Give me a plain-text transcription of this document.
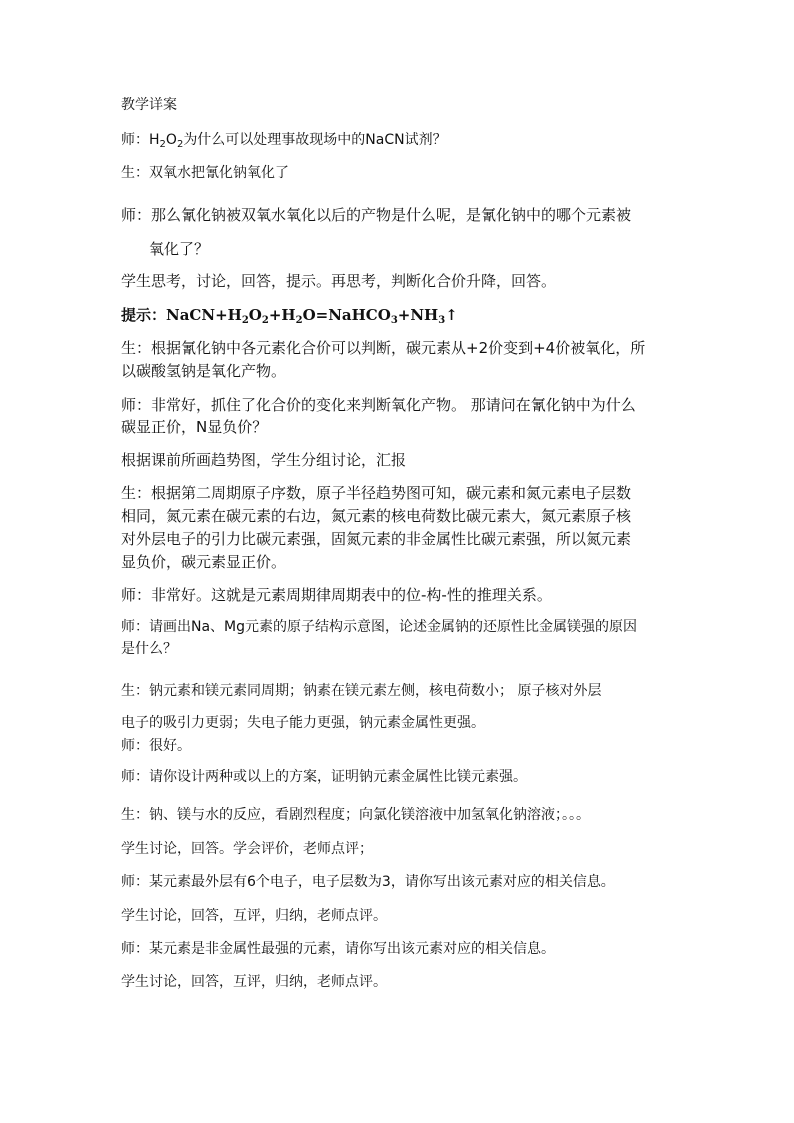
教学详案
师：$H_2O_2$为什么可以处理事故现场中的NaCN试剂？
生：双氧水把氰化钠氧化了
师：那么氰化钠被双氧水氧化以后的产物是什么呢，是氰化钠中的哪个元素被
氧化了？
学生思考，讨论，回答，提示。再思考，判断化合价升降，回答。
提示：$NaCN+H_2O_2+H_2O=NaHCO_3+NH_3↑$
生：根据氰化钠中各元素化合价可以判断，碳元素从+2价变到+4价被氧化，所
以碳酸氢钠是氧化产物。
师：非常好，抓住了化合价的变化来判断氧化产物。 那请问在氰化钠中为什么
碳显正价，N显负价？
根据课前所画趋势图，学生分组讨论，汇报
生：根据第二周期原子序数，原子半径趋势图可知，碳元素和氮元素电子层数
相同，氮元素在碳元素的右边，氮元素的核电荷数比碳元素大，氮元素原子核
对外层电子的引力比碳元素强，固氮元素的非金属性比碳元素强，所以氮元素
显负价，碳元素显正价。
师：非常好。这就是元素周期律周期表中的位-构-性的推理关系。
师：请画出Na、Mg元素的原子结构示意图，论述金属钠的还原性比金属镁强的原因
是什么？
生：钠元素和镁元素同周期；钠素在镁元素左侧，核电荷数小； 原子核对外层
电子的吸引力更弱；失电子能力更强，钠元素金属性更强。
师：很好。
师：请你设计两种或以上的方案，证明钠元素金属性比镁元素强。
生：钠、镁与水的反应，看剧烈程度；向氯化镁溶液中加氢氧化钠溶液；。。。
学生讨论，回答。学会评价，老师点评；
师：某元素最外层有6个电子，电子层数为3，请你写出该元素对应的相关信息。
学生讨论，回答，互评，归纳，老师点评。
师：某元素是非金属性最强的元素，请你写出该元素对应的相关信息。
学生讨论，回答，互评，归纳，老师点评。
